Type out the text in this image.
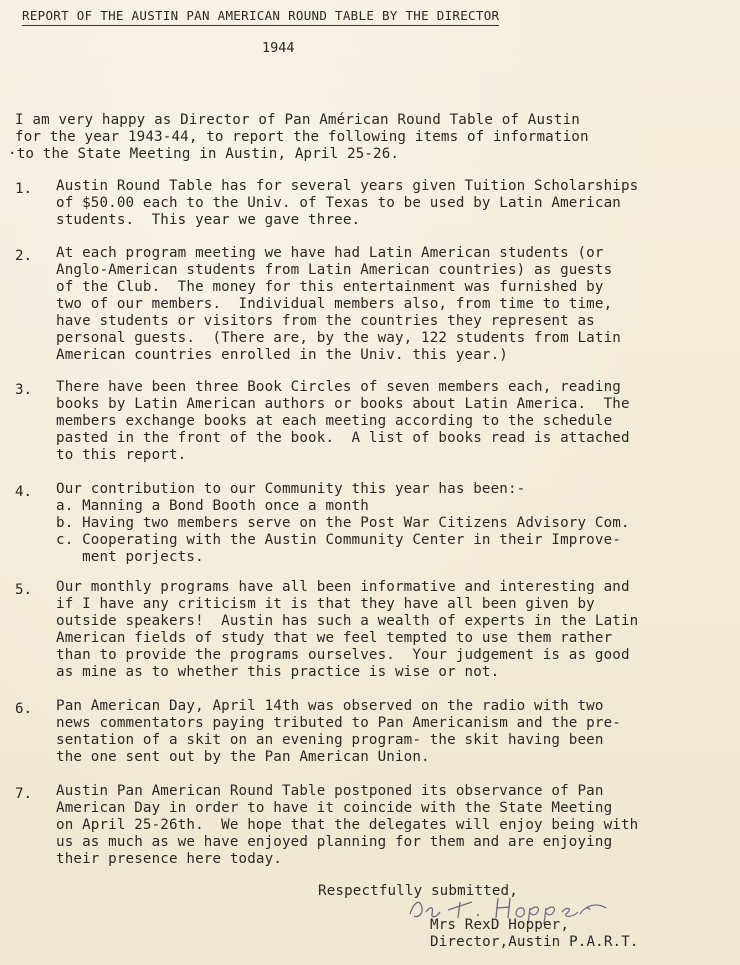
REPORT OF THE AUSTIN PAN AMERICAN ROUND TABLE BY THE DIRECTOR
1944
I am very happy as Director of Pan Américan Round Table of Austin
for the year 1943-44, to report the following items of information
·to the State Meeting in Austin, April 25-26.
1. Austin Round Table has for several years given Tuition Scholarships
of $50.00 each to the Univ. of Texas to be used by Latin American
students.  This year we gave three.
2. At each program meeting we have had Latin American students (or
Anglo-American students from Latin American countries) as guests
of the Club.  The money for this entertainment was furnished by
two of our members.  Individual members also, from time to time,
have students or visitors from the countries they represent as
personal guests.  (There are, by the way, 122 students from Latin
American countries enrolled in the Univ. this year.)
3. There have been three Book Circles of seven members each, reading
books by Latin American authors or books about Latin America.  The
members exchange books at each meeting according to the schedule
pasted in the front of the book.  A list of books read is attached
to this report.
4. Our contribution to our Community this year has been:-
a. Manning a Bond Booth once a month
b. Having two members serve on the Post War Citizens Advisory Com.
c. Cooperating with the Austin Community Center in their Improve-
ment porjects.
5. Our monthly programs have all been informative and interesting and
if I have any criticism it is that they have all been given by
outside speakers!  Austin has such a wealth of experts in the Latin
American fields of study that we feel tempted to use them rather
than to provide the programs ourselves.  Your judgement is as good
as mine as to whether this practice is wise or not.
6. Pan American Day, April 14th was observed on the radio with two
news commentators paying tributed to Pan Americanism and the pre-
sentation of a skit on an evening program- the skit having been
the one sent out by the Pan American Union.
7. Austin Pan American Round Table postponed its observance of Pan
American Day in order to have it coincide with the State Meeting
on April 25-26th.  We hope that the delegates will enjoy being with
us as much as we have enjoyed planning for them and are enjoying
their presence here today.
Respectfully submitted,
Mrs RexD Hopper,
Director,Austin P.A.R.T.
